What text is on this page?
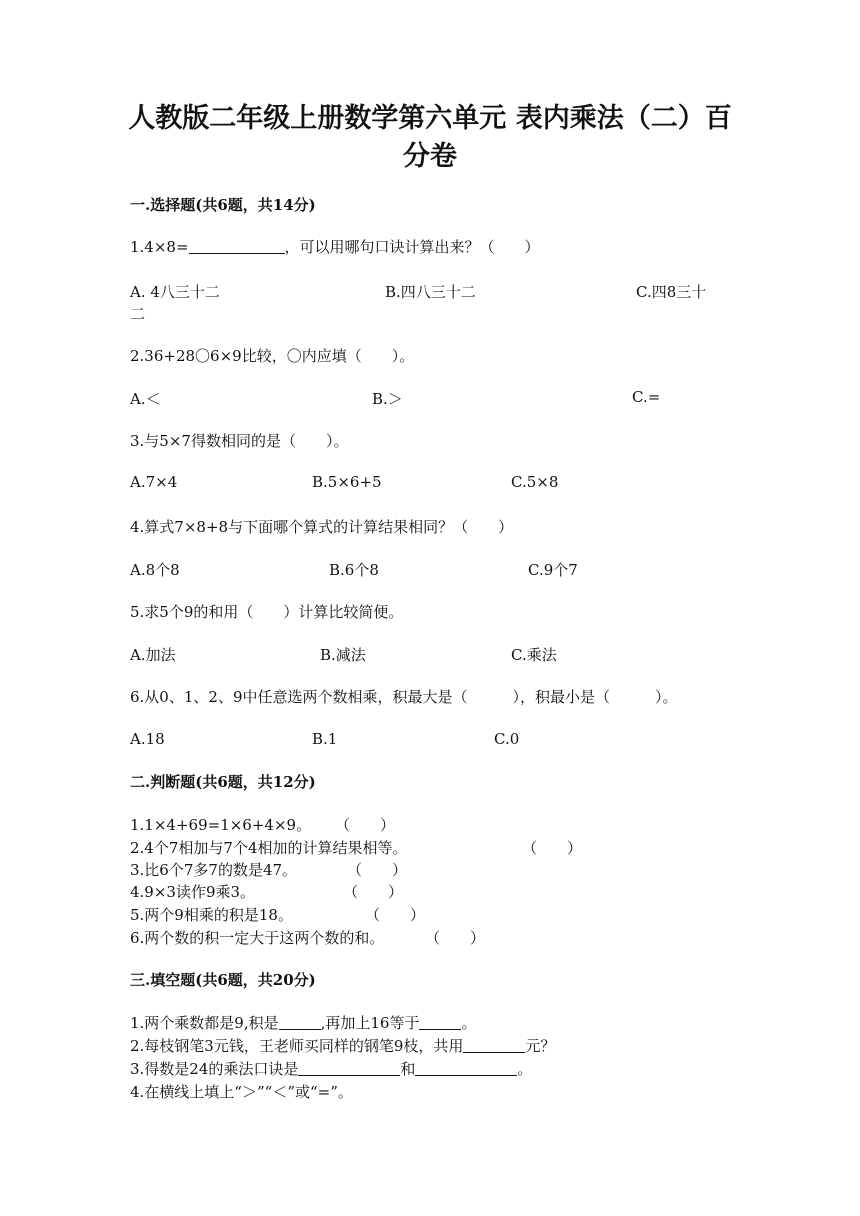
人教版二年级上册数学第六单元 表内乘法（二）百
分卷
一.选择题(共6题，共14分)
1.4×8=	，可以用哪句口诀计算出来？（　　）
A. 4八三十二	B.四八三十二	C.四8三十
二
2.36+28〇6×9比较，〇内应填（　　）。
A.＜	B.＞	C.=
3.与5×7得数相同的是（　　）。
A.7×4	B.5×6+5	C.5×8
4.算式7×8+8与下面哪个算式的计算结果相同？（　　）
A.8个8	B.6个8	C.9个7
5.求5个9的和用（　　）计算比较简便。
A.加法	B.减法	C.乘法
6.从0、1、2、9中任意选两个数相乘，积最大是（　　　），积最小是（　　　）。
A.18	B.1	C.0
二.判断题(共6题，共12分)
1.1×4+69=1×6+4×9。 （　　）
2.4个7相加与7个4相加的计算结果相等。	（　　）
3.比6个7多7的数是47。	（　　）
4.9×3读作9乘3。	（　　）
5.两个9相乘的积是18。	（　　）
6.两个数的积一定大于这两个数的和。	（　　）
三.填空题(共6题，共20分)
1.两个乘数都是9,积是	,再加上16等于	。
2.每枝钢笔3元钱，王老师买同样的钢笔9枝，共用	元？
3.得数是24的乘法口诀是	和	。
4.在横线上填上“＞”“＜”或“=”。
